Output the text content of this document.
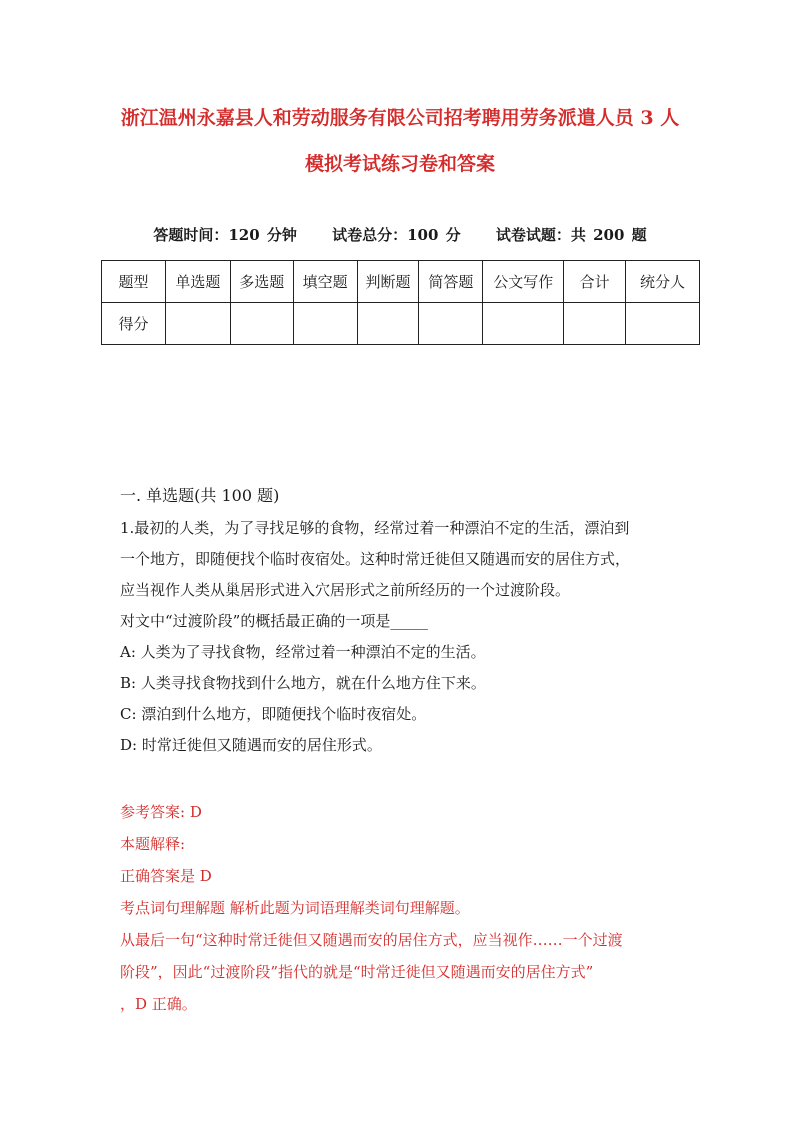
浙江温州永嘉县人和劳动服务有限公司招考聘用劳务派遣人员 3 人
模拟考试练习卷和答案
答题时间：120 分钟 试卷总分：100 分 试卷试题：共 200 题
题型	单选题	多选题	填空题	判断题	简答题	公文写作	合计	统分人
得分								
一. 单选题(共 100 题)

1.最初的人类，为了寻找足够的食物，经常过着一种漂泊不定的生活，漂泊到

一个地方，即随便找个临时夜宿处。这种时常迁徙但又随遇而安的居住方式，

应当视作人类从巢居形式进入穴居形式之前所经历的一个过渡阶段。

对文中“过渡阶段”的概括最正确的一项是_____

A: 人类为了寻找食物，经常过着一种漂泊不定的生活。

B: 人类寻找食物找到什么地方，就在什么地方住下来。

C: 漂泊到什么地方，即随便找个临时夜宿处。

D: 时常迁徙但又随遇而安的居住形式。

参考答案: D

本题解释:

正确答案是 D

考点词句理解题 解析此题为词语理解类词句理解题。

从最后一句“这种时常迁徙但又随遇而安的居住方式，应当视作……一个过渡

阶段”，因此“过渡阶段”指代的就是“时常迁徙但又随遇而安的居住方式”

，D 正确。
